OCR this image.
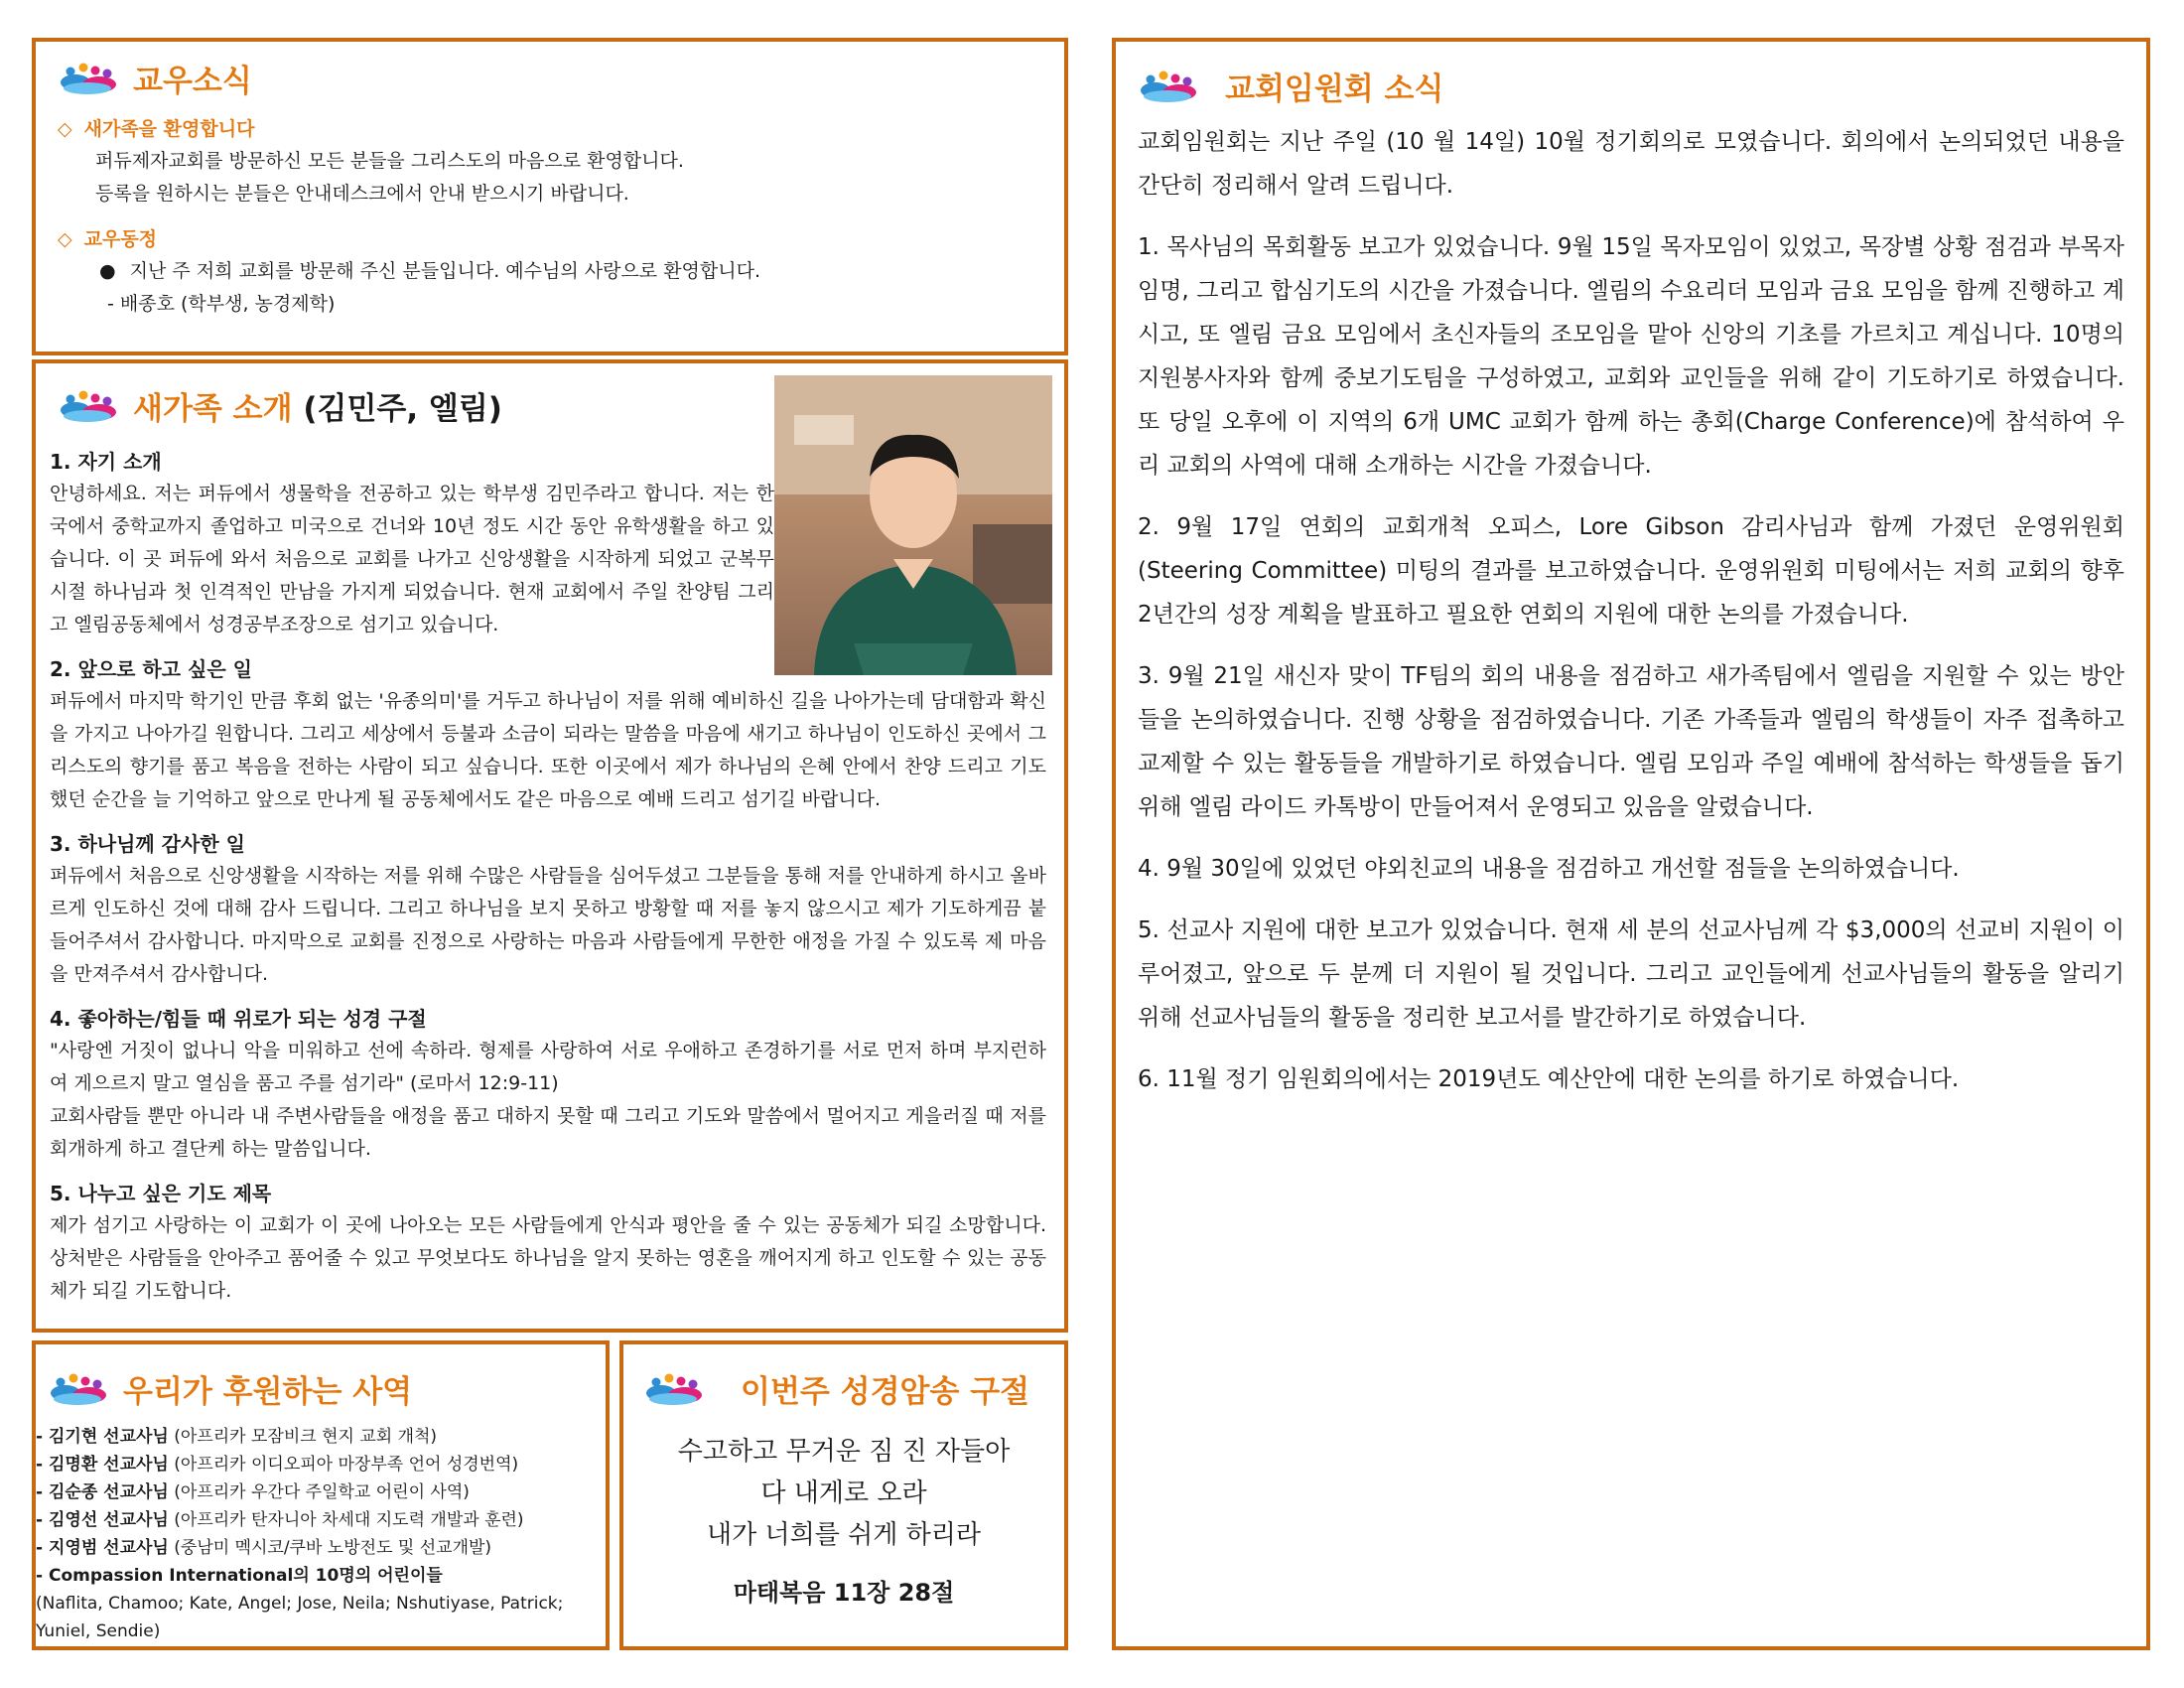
교우소식
◇ 새가족을 환영합니다
퍼듀제자교회를 방문하신 모든 분들을 그리스도의 마음으로 환영합니다.
등록을 원하시는 분들은 안내데스크에서 안내 받으시기 바랍니다.
◇ 교우동정
● 지난 주 저희 교회를 방문해 주신 분들입니다. 예수님의 사랑으로 환영합니다.
- 배종호 (학부생, 농경제학)
새가족 소개 (김민주, 엘림)
1. 자기 소개
안녕하세요. 저는 퍼듀에서 생물학을 전공하고 있는 학부생 김민주라고 합니다. 저는 한국에서 중학교까지 졸업하고 미국으로 건너와 10년 정도 시간 동안 유학생활을 하고 있습니다. 이 곳 퍼듀에 와서 처음으로 교회를 나가고 신앙생활을 시작하게 되었고 군복무 시절 하나님과 첫 인격적인 만남을 가지게 되었습니다. 현재 교회에서 주일 찬양팀 그리고 엘림공동체에서 성경공부조장으로 섬기고 있습니다.
2. 앞으로 하고 싶은 일
퍼듀에서 마지막 학기인 만큼 후회 없는 '유종의미'를 거두고 하나님이 저를 위해 예비하신 길을 나아가는데 담대함과 확신을 가지고 나아가길 원합니다. 그리고 세상에서 등불과 소금이 되라는 말씀을 마음에 새기고 하나님이 인도하신 곳에서 그리스도의 향기를 품고 복음을 전하는 사람이 되고 싶습니다. 또한 이곳에서 제가 하나님의 은혜 안에서 찬양 드리고 기도 했던 순간을 늘 기억하고 앞으로 만나게 될 공동체에서도 같은 마음으로 예배 드리고 섬기길 바랍니다.
3. 하나님께 감사한 일
퍼듀에서 처음으로 신앙생활을 시작하는 저를 위해 수많은 사람들을 심어두셨고 그분들을 통해 저를 안내하게 하시고 올바르게 인도하신 것에 대해 감사 드립니다. 그리고 하나님을 보지 못하고 방황할 때 저를 놓지 않으시고 제가 기도하게끔 붙들어주셔서 감사합니다. 마지막으로 교회를 진정으로 사랑하는 마음과 사람들에게 무한한 애정을 가질 수 있도록 제 마음을 만져주셔서 감사합니다.
4. 좋아하는/힘들 때 위로가 되는 성경 구절
"사랑엔 거짓이 없나니 악을 미워하고 선에 속하라. 형제를 사랑하여 서로 우애하고 존경하기를 서로 먼저 하며 부지런하여 게으르지 말고 열심을 품고 주를 섬기라" (로마서 12:9-11)
교회사람들 뿐만 아니라 내 주변사람들을 애정을 품고 대하지 못할 때 그리고 기도와 말씀에서 멀어지고 게을러질 때 저를 회개하게 하고 결단케 하는 말씀입니다.
5. 나누고 싶은 기도 제목
제가 섬기고 사랑하는 이 교회가 이 곳에 나아오는 모든 사람들에게 안식과 평안을 줄 수 있는 공동체가 되길 소망합니다. 상처받은 사람들을 안아주고 품어줄 수 있고 무엇보다도 하나님을 알지 못하는 영혼을 깨어지게 하고 인도할 수 있는 공동체가 되길 기도합니다.
우리가 후원하는 사역
- 김기현 선교사님 (아프리카 모잠비크 현지 교회 개척)
- 김명환 선교사님 (아프리카 이디오피아 마장부족 언어 성경번역)
- 김순종 선교사님 (아프리카 우간다 주일학교 어린이 사역)
- 김영선 선교사님 (아프리카 탄자니아 차세대 지도력 개발과 훈련)
- 지영범 선교사님 (중남미 멕시코/쿠바 노방전도 및 선교개발)
- Compassion International의 10명의 어린이들
(Naflita, Chamoo; Kate, Angel; Jose, Neila; Nshutiyase, Patrick; Yuniel, Sendie)
이번주 성경암송 구절
수고하고 무거운 짐 진 자들아
다 내게로 오라
내가 너희를 쉬게 하리라
마태복음 11장 28절
교회임원회 소식
교회임원회는 지난 주일 (10 월 14일) 10월 정기회의로 모였습니다. 회의에서 논의되었던 내용을 간단히 정리해서 알려 드립니다.
1. 목사님의 목회활동 보고가 있었습니다. 9월 15일 목자모임이 있었고, 목장별 상황 점검과 부목자 임명, 그리고 합심기도의 시간을 가졌습니다. 엘림의 수요리더 모임과 금요 모임을 함께 진행하고 계시고, 또 엘림 금요 모임에서 초신자들의 조모임을 맡아 신앙의 기초를 가르치고 계십니다. 10명의 지원봉사자와 함께 중보기도팀을 구성하였고, 교회와 교인들을 위해 같이 기도하기로 하였습니다. 또 당일 오후에 이 지역의 6개 UMC 교회가 함께 하는 총회(Charge Conference)에 참석하여 우리 교회의 사역에 대해 소개하는 시간을 가졌습니다.
2. 9월 17일 연회의 교회개척 오피스, Lore Gibson 감리사님과 함께 가졌던 운영위원회 (Steering Committee) 미팅의 결과를 보고하였습니다. 운영위원회 미팅에서는 저희 교회의 향후 2년간의 성장 계획을 발표하고 필요한 연회의 지원에 대한 논의를 가졌습니다.
3. 9월 21일 새신자 맞이 TF팀의 회의 내용을 점검하고 새가족팀에서 엘림을 지원할 수 있는 방안들을 논의하였습니다. 진행 상황을 점검하였습니다. 기존 가족들과 엘림의 학생들이 자주 접촉하고 교제할 수 있는 활동들을 개발하기로 하였습니다. 엘림 모임과 주일 예배에 참석하는 학생들을 돕기 위해 엘림 라이드 카톡방이 만들어져서 운영되고 있음을 알렸습니다.
4. 9월 30일에 있었던 야외친교의 내용을 점검하고 개선할 점들을 논의하였습니다.
5. 선교사 지원에 대한 보고가 있었습니다. 현재 세 분의 선교사님께 각 $3,000의 선교비 지원이 이루어졌고, 앞으로 두 분께 더 지원이 될 것입니다. 그리고 교인들에게 선교사님들의 활동을 알리기 위해 선교사님들의 활동을 정리한 보고서를 발간하기로 하였습니다.
6. 11월 정기 임원회의에서는 2019년도 예산안에 대한 논의를 하기로 하였습니다.
